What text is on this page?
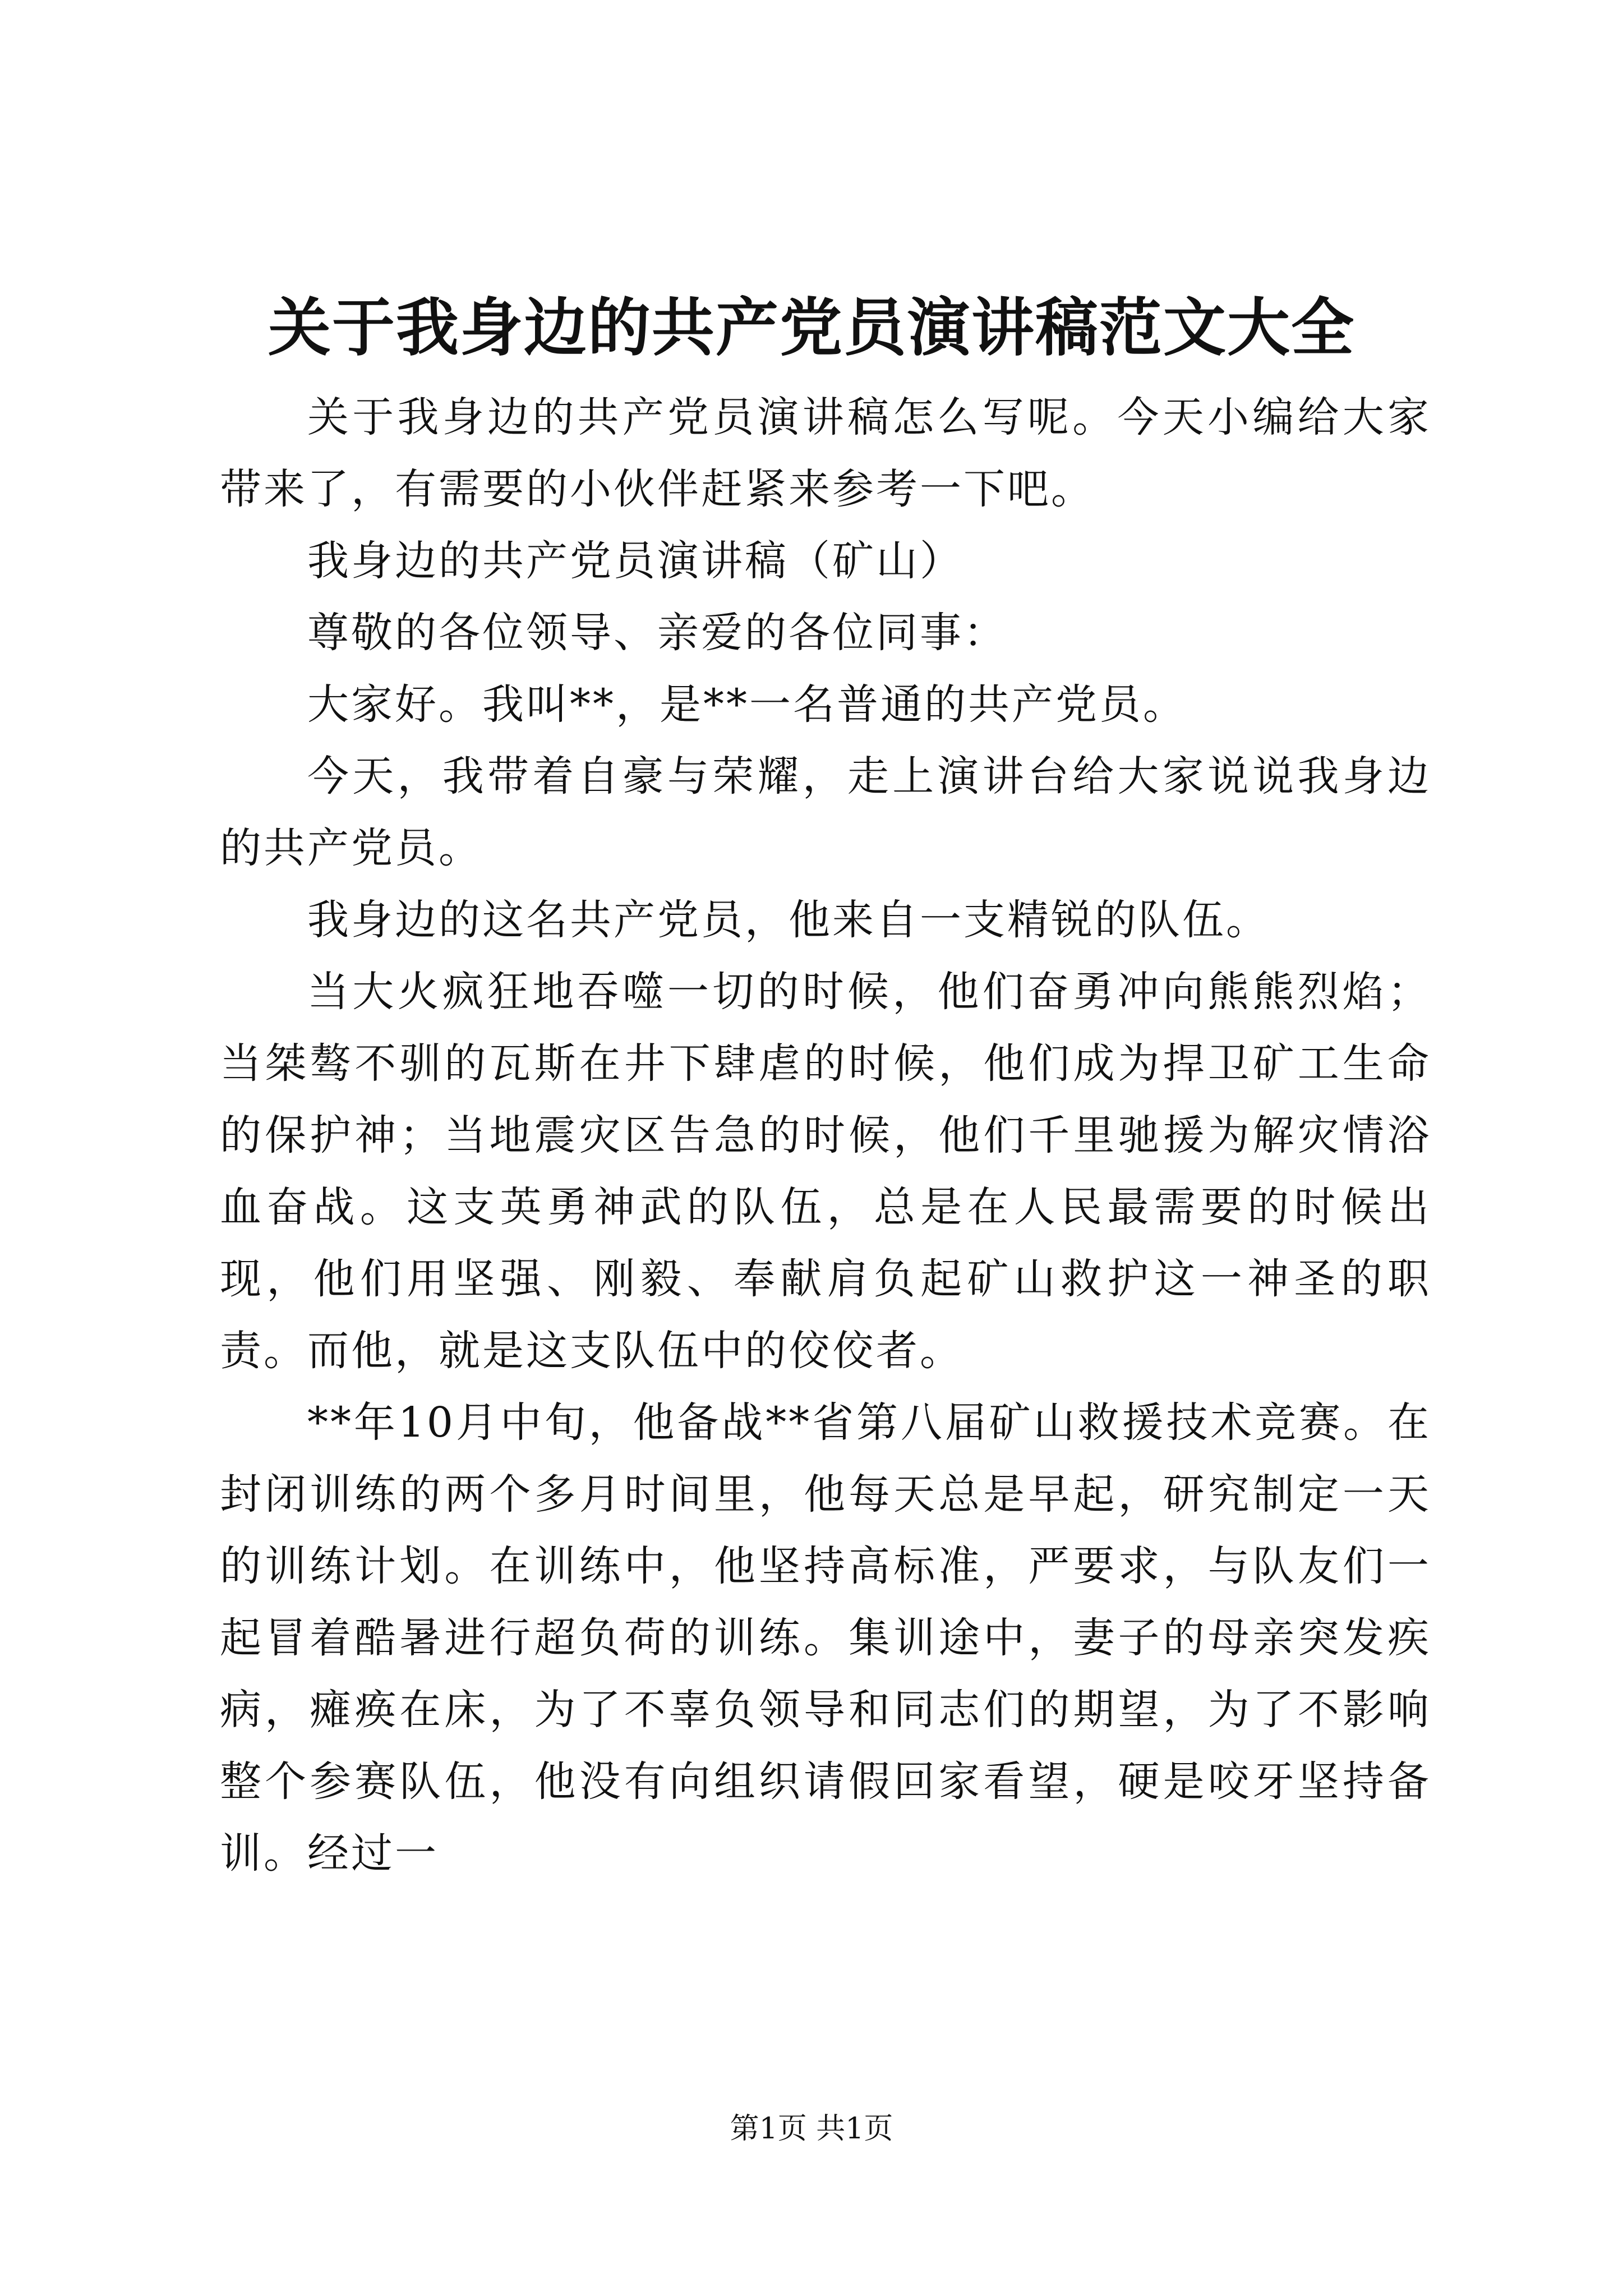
关于我身边的共产党员演讲稿范文大全

关于我身边的共产党员演讲稿怎么写呢。今天小编给大家带来了，有需要的小伙伴赶紧来参考一下吧。

我身边的共产党员演讲稿（矿山）

尊敬的各位领导、亲爱的各位同事：

大家好。我叫**，是**一名普通的共产党员。

今天，我带着自豪与荣耀，走上演讲台给大家说说我身边的共产党员。

我身边的这名共产党员，他来自一支精锐的队伍。

当大火疯狂地吞噬一切的时候，他们奋勇冲向熊熊烈焰；当桀骜不驯的瓦斯在井下肆虐的时候，他们成为捍卫矿工生命的保护神；当地震灾区告急的时候，他们千里驰援为解灾情浴血奋战。这支英勇神武的队伍，总是在人民最需要的时候出现，他们用坚强、刚毅、奉献肩负起矿山救护这一神圣的职责。而他，就是这支队伍中的佼佼者。

**年10月中旬，他备战**省第八届矿山救援技术竞赛。在封闭训练的两个多月时间里，他每天总是早起，研究制定一天的训练计划。在训练中，他坚持高标准，严要求，与队友们一起冒着酷暑进行超负荷的训练。集训途中，妻子的母亲突发疾病，瘫痪在床，为了不辜负领导和同志们的期望，为了不影响整个参赛队伍，他没有向组织请假回家看望，硬是咬牙坚持备训。经过一

第1页 共1页
